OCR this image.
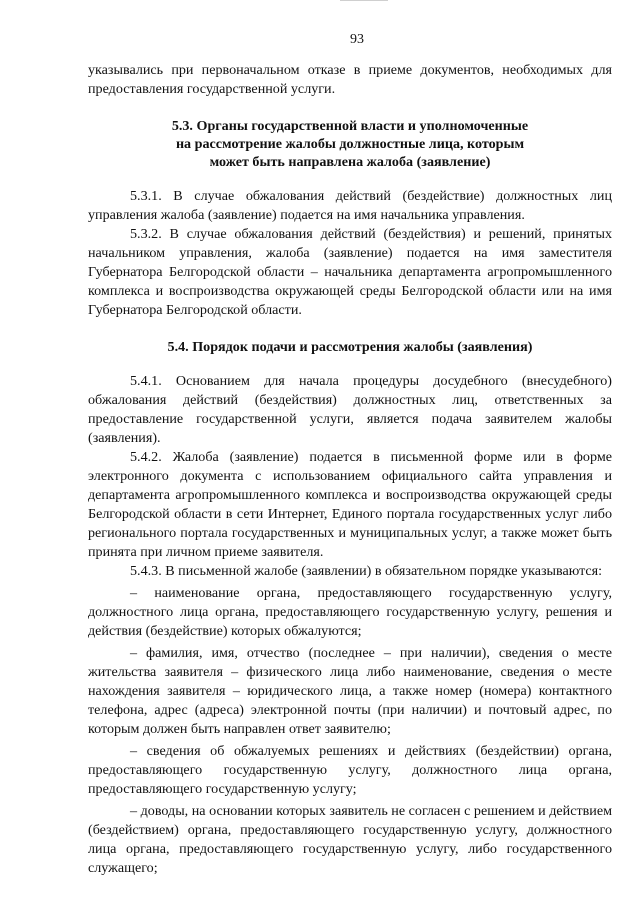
93

указывались при первоначальном отказе в приеме документов, необходимых для предоставления государственной услуги.

5.3. Органы государственной власти и уполномоченные
на рассмотрение жалобы должностные лица, которым
может быть направлена жалоба (заявление)

5.3.1. В случае обжалования действий (бездействие) должностных лиц управления жалоба (заявление) подается на имя начальника управления.

5.3.2. В случае обжалования действий (бездействия) и решений, принятых начальником управления, жалоба (заявление) подается на имя заместителя Губернатора Белгородской области – начальника департамента агропромышленного комплекса и воспроизводства окружающей среды Белгородской области или на имя Губернатора Белгородской области.

5.4. Порядок подачи и рассмотрения жалобы (заявления)

5.4.1. Основанием для начала процедуры досудебного (внесудебного) обжалования действий (бездействия) должностных лиц, ответственных за предоставление государственной услуги, является подача заявителем жалобы (заявления).

5.4.2. Жалоба (заявление) подается в письменной форме или в форме электронного документа с использованием официального сайта управления и департамента агропромышленного комплекса и воспроизводства окружающей среды Белгородской области в сети Интернет, Единого портала государственных услуг либо регионального портала государственных и муниципальных услуг, а также может быть принята при личном приеме заявителя.

5.4.3. В письменной жалобе (заявлении) в обязательном порядке указываются:

– наименование органа, предоставляющего государственную услугу, должностного лица органа, предоставляющего государственную услугу, решения и действия (бездействие) которых обжалуются;

– фамилия, имя, отчество (последнее – при наличии), сведения о месте жительства заявителя – физического лица либо наименование, сведения о месте нахождения заявителя – юридического лица, а также номер (номера) контактного телефона, адрес (адреса) электронной почты (при наличии) и почтовый адрес, по которым должен быть направлен ответ заявителю;

– сведения об обжалуемых решениях и действиях (бездействии) органа, предоставляющего государственную услугу, должностного лица органа, предоставляющего государственную услугу;

– доводы, на основании которых заявитель не согласен с решением и действием (бездействием) органа, предоставляющего государственную услугу, должностного лица органа, предоставляющего государственную услугу, либо государственного служащего;
